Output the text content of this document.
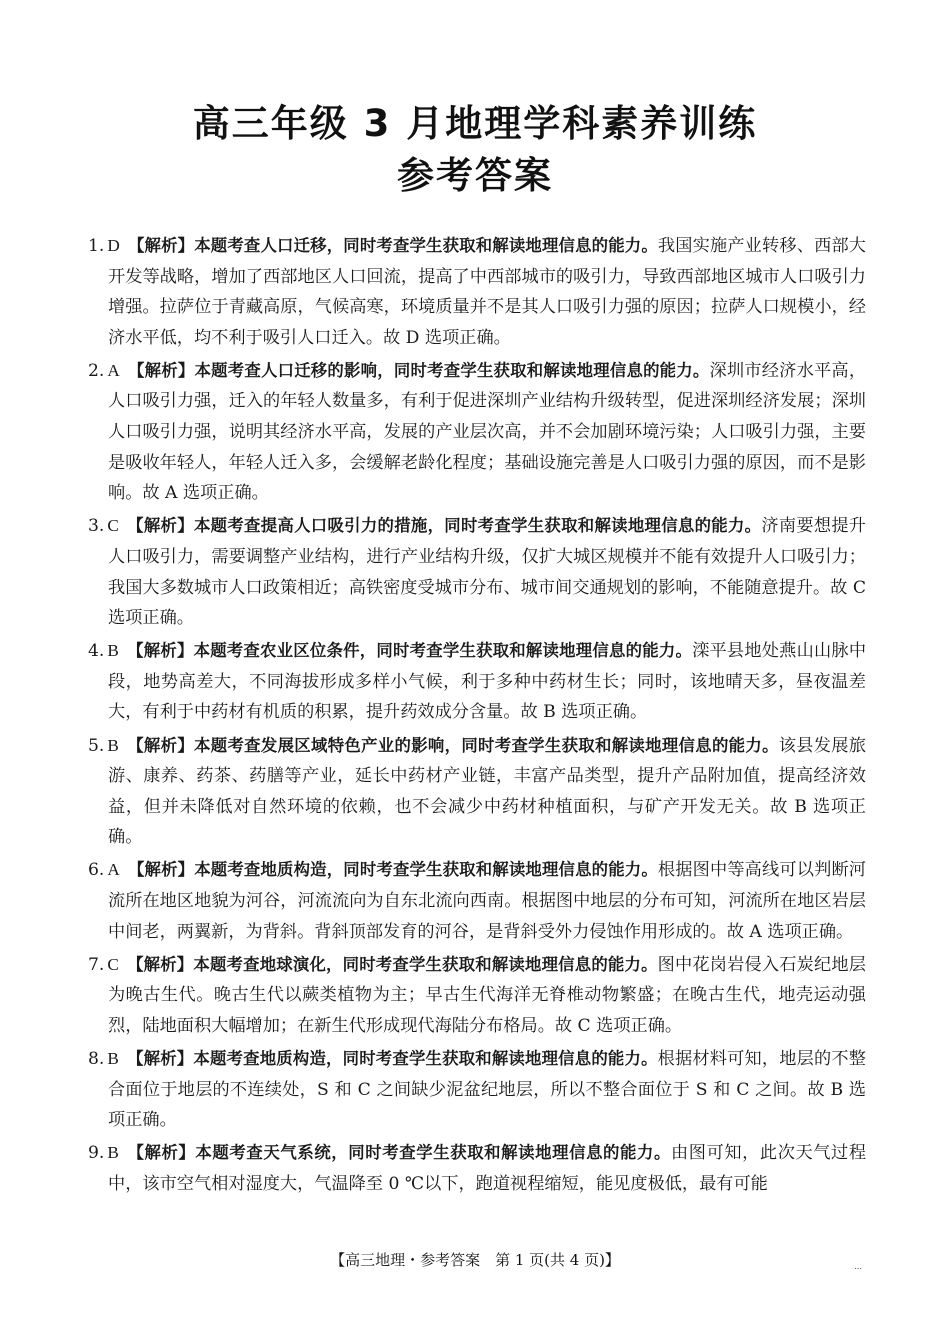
高三年级 3 月地理学科素养训练
参考答案
1. D 【解析】本题考查人口迁移，同时考查学生获取和解读地理信息的能力。我国实施产业转移、西部大开发等战略，增加了西部地区人口回流，提高了中西部城市的吸引力，导致西部地区城市人口吸引力增强。拉萨位于青藏高原，气候高寒，环境质量并不是其人口吸引力强的原因；拉萨人口规模小，经济水平低，均不利于吸引人口迁入。故 D 选项正确。
2. A 【解析】本题考查人口迁移的影响，同时考查学生获取和解读地理信息的能力。深圳市经济水平高，人口吸引力强，迁入的年轻人数量多，有利于促进深圳产业结构升级转型，促进深圳经济发展；深圳人口吸引力强，说明其经济水平高，发展的产业层次高，并不会加剧环境污染；人口吸引力强，主要是吸收年轻人，年轻人迁入多，会缓解老龄化程度；基础设施完善是人口吸引力强的原因，而不是影响。故 A 选项正确。
3. C 【解析】本题考查提高人口吸引力的措施，同时考查学生获取和解读地理信息的能力。济南要想提升人口吸引力，需要调整产业结构，进行产业结构升级，仅扩大城区规模并不能有效提升人口吸引力；我国大多数城市人口政策相近；高铁密度受城市分布、城市间交通规划的影响，不能随意提升。故 C 选项正确。
4. B 【解析】本题考查农业区位条件，同时考查学生获取和解读地理信息的能力。滦平县地处燕山山脉中段，地势高差大，不同海拔形成多样小气候，利于多种中药材生长；同时，该地晴天多，昼夜温差大，有利于中药材有机质的积累，提升药效成分含量。故 B 选项正确。
5. B 【解析】本题考查发展区域特色产业的影响，同时考查学生获取和解读地理信息的能力。该县发展旅游、康养、药茶、药膳等产业，延长中药材产业链，丰富产品类型，提升产品附加值，提高经济效益，但并未降低对自然环境的依赖，也不会减少中药材种植面积，与矿产开发无关。故 B 选项正确。
6. A 【解析】本题考查地质构造，同时考查学生获取和解读地理信息的能力。根据图中等高线可以判断河流所在地区地貌为河谷，河流流向为自东北流向西南。根据图中地层的分布可知，河流所在地区岩层中间老，两翼新，为背斜。背斜顶部发育的河谷，是背斜受外力侵蚀作用形成的。故 A 选项正确。
7. C 【解析】本题考查地球演化，同时考查学生获取和解读地理信息的能力。图中花岗岩侵入石炭纪地层为晚古生代。晚古生代以蕨类植物为主；早古生代海洋无脊椎动物繁盛；在晚古生代，地壳运动强烈，陆地面积大幅增加；在新生代形成现代海陆分布格局。故 C 选项正确。
8. B 【解析】本题考查地质构造，同时考查学生获取和解读地理信息的能力。根据材料可知，地层的不整合面位于地层的不连续处，S 和 C 之间缺少泥盆纪地层，所以不整合面位于 S 和 C 之间。故 B 选项正确。
9. B 【解析】本题考查天气系统，同时考查学生获取和解读地理信息的能力。由图可知，此次天气过程中，该市空气相对湿度大，气温降至 0 ℃以下，跑道视程缩短，能见度极低，最有可能
【高三地理・参考答案　第 1 页(共 4 页)】	...
